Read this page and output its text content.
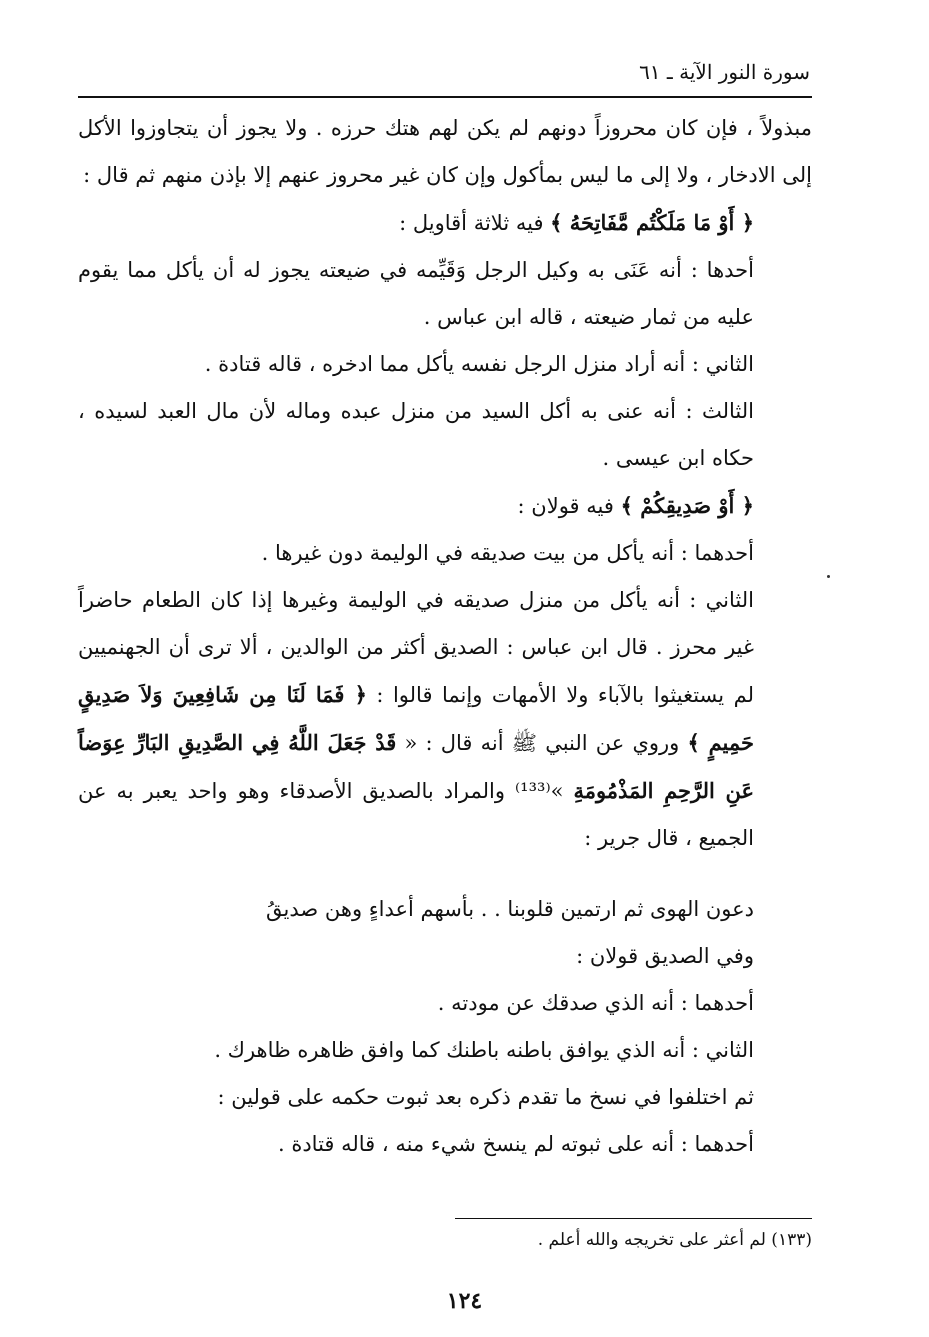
سورة النور الآية ـ ٦١

مبذولاً ، فإن كان محروزاً دونهم لم يكن لهم هتك حرزه . ولا يجوز أن يتجاوزوا الأكل إلى الادخار ، ولا إلى ما ليس بمأكول وإن كان غير محروز عنهم إلا بإذن منهم ثم قال :

﴿ أَوْ مَا مَلَكْتُم مَّفَاتِحَهُ ﴾ فيه ثلاثة أقاويل :

أحدها : أنه عَنَى به وكيل الرجل وَقَيِّمه في ضيعته يجوز له أن يأكل مما يقوم عليه من ثمار ضيعته ، قاله ابن عباس .

الثاني : أنه أراد منزل الرجل نفسه يأكل مما ادخره ، قاله قتادة .

الثالث : أنه عنى به أكل السيد من منزل عبده وماله لأن مال العبد لسيده ، حكاه ابن عيسى .

﴿ أَوْ صَدِيقِكُمْ ﴾ فيه قولان :

أحدهما : أنه يأكل من بيت صديقه في الوليمة دون غيرها .

الثاني : أنه يأكل من منزل صديقه في الوليمة وغيرها إذا كان الطعام حاضراً غير محرز . قال ابن عباس : الصديق أكثر من الوالدين ، ألا ترى أن الجهنميين لم يستغيثوا بالآباء ولا الأمهات وإنما قالوا : ﴿ فَمَا لَنَا مِن شَافِعِينَ وَلاَ صَدِيقٍ حَمِيمٍ ﴾ وروي عن النبي ﷺ أنه قال : « قَدْ جَعَلَ اللَّهُ فِي الصَّدِيقِ البَارِّ عِوَضاً عَنِ الرَّحِمِ المَذْمُومَةِ »⁽¹³³⁾ والمراد بالصديق الأصدقاء وهو واحد يعبر به عن الجميع ، قال جرير :

دعون الهوى ثم ارتمين قلوبنا . . بأسهم أعداءٍ وهن صديقُ

وفي الصديق قولان :

أحدهما : أنه الذي صدقك عن مودته .

الثاني : أنه الذي يوافق باطنه باطنك كما وافق ظاهره ظاهرك .

ثم اختلفوا في نسخ ما تقدم ذكره بعد ثبوت حكمه على قولين :

أحدهما : أنه على ثبوته لم ينسخ شيء منه ، قاله قتادة .

(١٣٣) لم أعثر على تخريجه والله أعلم .
١٢٤
